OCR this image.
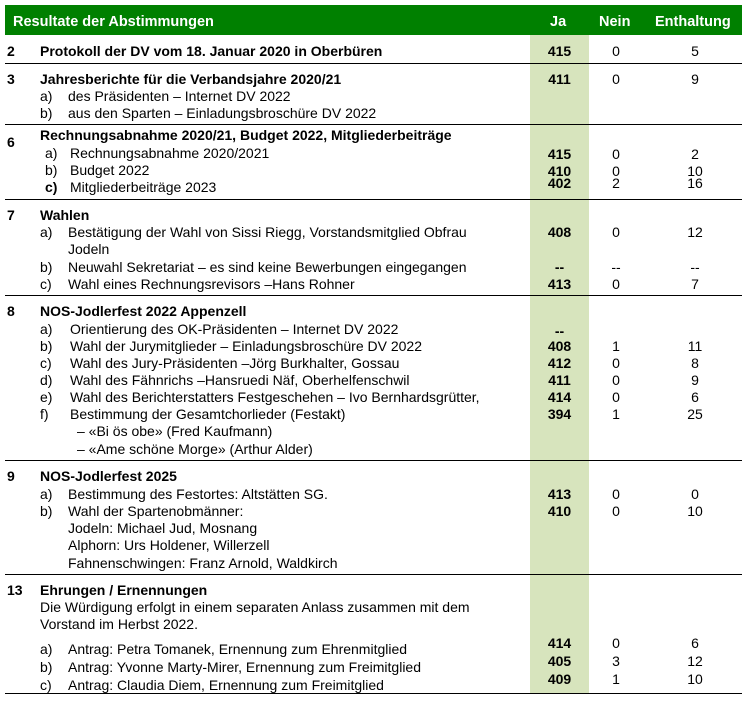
Resultate der Abstimmungen	Ja Nein Enthaltung
2 Protokoll der DV vom 18. Januar 2020 in Oberbüren	415	0	5
3 Jahresberichte für die Verbandsjahre 2020/21	411	0	9
a) des Präsidenten – Internet DV 2022
b) aus den Sparten – Einladungsbroschüre DV 2022
6 Rechnungsabnahme 2020/21, Budget 2022, Mitgliederbeiträge
a) Rechnungsabnahme 2020/2021	415	0	2
b) Budget 2022	410	0	10
c) Mitgliederbeiträge 2023	402	2	16
7 Wahlen
a) Bestätigung der Wahl von Sissi Riegg, Vorstandsmitglied Obfrau	408	0	12
Jodeln
b) Neuwahl Sekretariat – es sind keine Bewerbungen eingegangen	--	--	--
c) Wahl eines Rechnungsrevisors –Hans Rohner	413	0	7
8 NOS-Jodlerfest 2022 Appenzell
a) Orientierung des OK-Präsidenten – Internet DV 2022	--
b) Wahl der Jurymitglieder – Einladungsbroschüre DV 2022	408	1	11
c) Wahl des Jury-Präsidenten –Jörg Burkhalter, Gossau	412	0	8
d) Wahl des Fähnrichs –Hansruedi Näf, Oberhelfenschwil	411	0	9
e) Wahl des Berichterstatters Festgeschehen – Ivo Bernhardsgrütter,	414	0	6
f) Bestimmung der Gesamtchorlieder (Festakt)	394	1	25
– «Bi ös obe» (Fred Kaufmann)
– «Ame schöne Morge» (Arthur Alder)
9 NOS-Jodlerfest 2025
a) Bestimmung des Festortes: Altstätten SG.	413	0	0
b) Wahl der Spartenobmänner:	410	0	10
Jodeln: Michael Jud, Mosnang
Alphorn: Urs Holdener, Willerzell
Fahnenschwingen: Franz Arnold, Waldkirch
13 Ehrungen / Ernennungen
Die Würdigung erfolgt in einem separaten Anlass zusammen mit dem
Vorstand im Herbst 2022.
a) Antrag: Petra Tomanek, Ernennung zum Ehrenmitglied	414	0	6
b) Antrag: Yvonne Marty-Mirer, Ernennung zum Freimitglied	405	3	12
c) Antrag: Claudia Diem, Ernennung zum Freimitglied	409	1	10
